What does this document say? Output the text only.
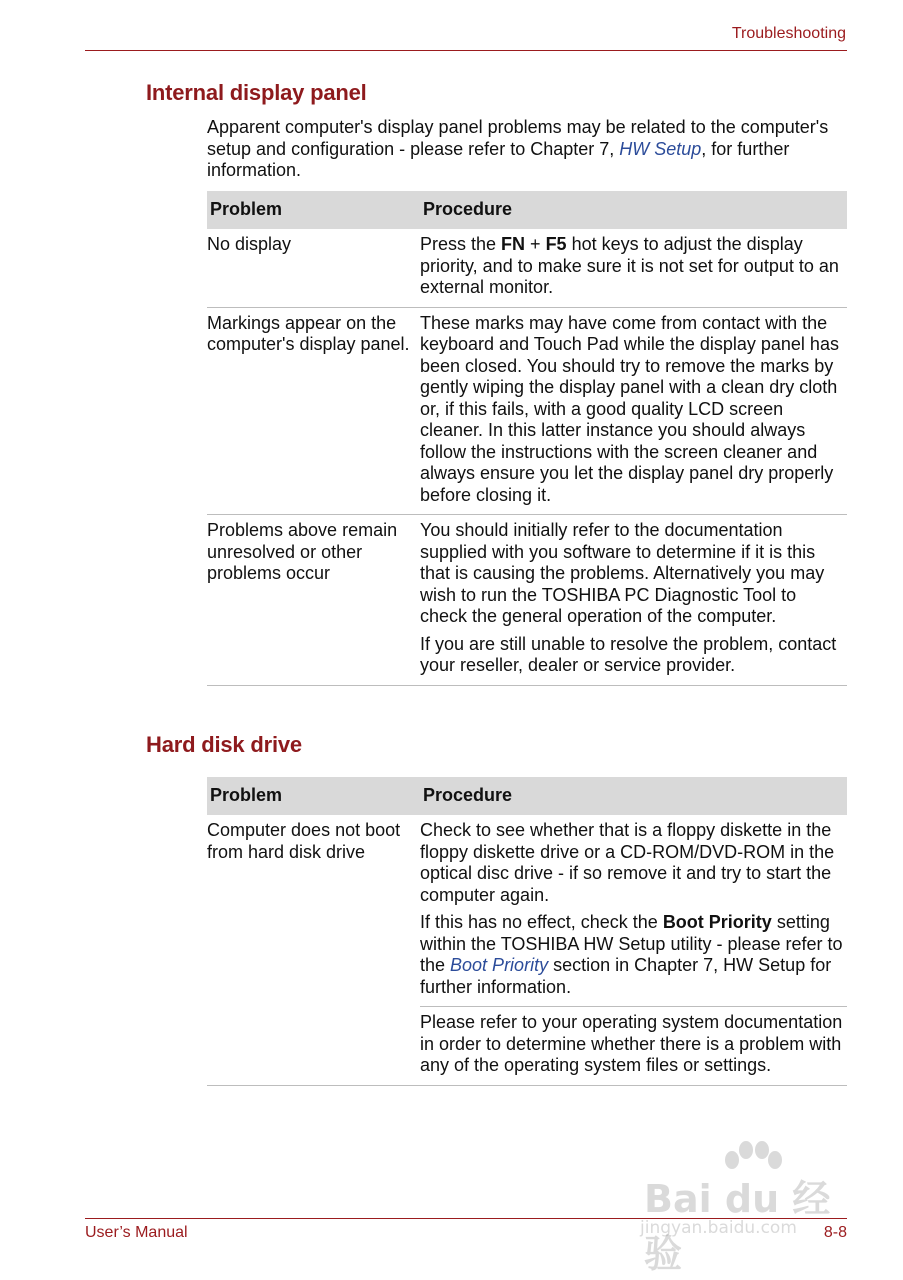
Troubleshooting
Internal display panel

Apparent computer's display panel problems may be related to the computer's setup and configuration - please refer to Chapter 7, HW Setup, for further information.

Problem	Procedure
No display	Press the FN + F5 hot keys to adjust the display priority, and to make sure it is not set for output to an external monitor.
Markings appear on the computer's display panel.	These marks may have come from contact with the keyboard and Touch Pad while the display panel has been closed. You should try to remove the marks by gently wiping the display panel with a clean dry cloth or, if this fails, with a good quality LCD screen cleaner. In this latter instance you should always follow the instructions with the screen cleaner and always ensure you let the display panel dry properly before closing it.
Problems above remain unresolved or other problems occur	You should initially refer to the documentation supplied with you software to determine if it is this that is causing the problems. Alternatively you may wish to run the TOSHIBA PC Diagnostic Tool to check the general operation of the computer.

If you are still unable to resolve the problem, contact your reseller, dealer or service provider.

Hard disk drive
Problem	Procedure
Computer does not boot from hard disk drive	Check to see whether that is a floppy diskette in the floppy diskette drive or a CD-ROM/DVD-ROM in the optical disc drive - if so remove it and try to start the computer again.

If this has no effect, check the Boot Priority setting within the TOSHIBA HW Setup utility - please refer to the Boot Priority section in Chapter 7, HW Setup for further information.

	Please refer to your operating system documentation in order to determine whether there is a problem with any of the operating system files or settings.
User’s Manual	8-8
Bai du 经验
jingyan.baidu.com
